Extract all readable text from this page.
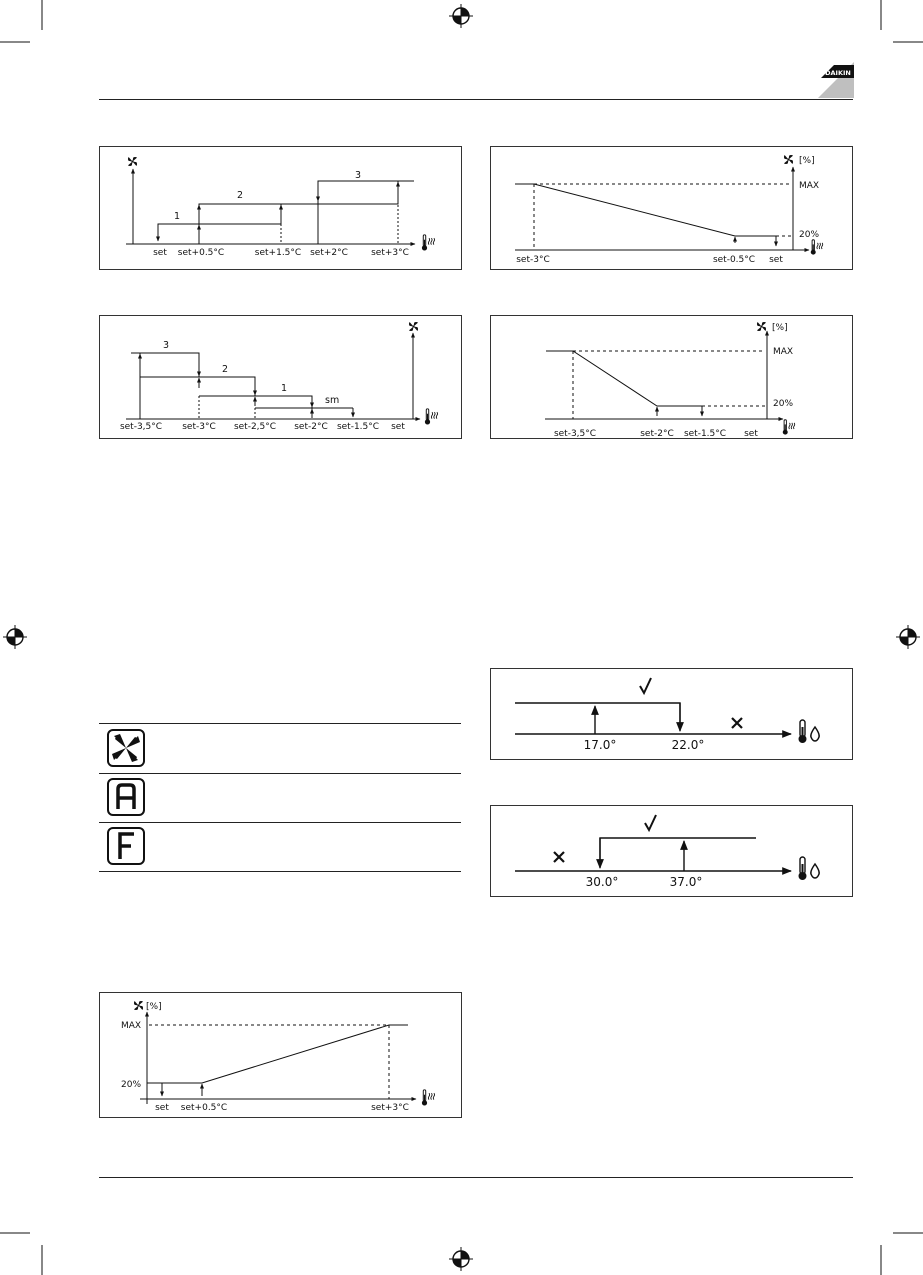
DAIKIN
1
2
3
set set+0.5°C	set+1.5°C set+2°C	set+3°C
MAX
20%
[%]
set-3°C	set-0.5°C set
3
2
1
sm
set-3,5°C set-3°C set-2,5°C set-2°C set-1.5°C set
MAX
20%
[%]
set-3,5°C	set-2°C set-1.5°C set
17.0°	22.0°
30.0°	37.0°
MAX
20%
[%]
set set+0.5°C	set+3°C
